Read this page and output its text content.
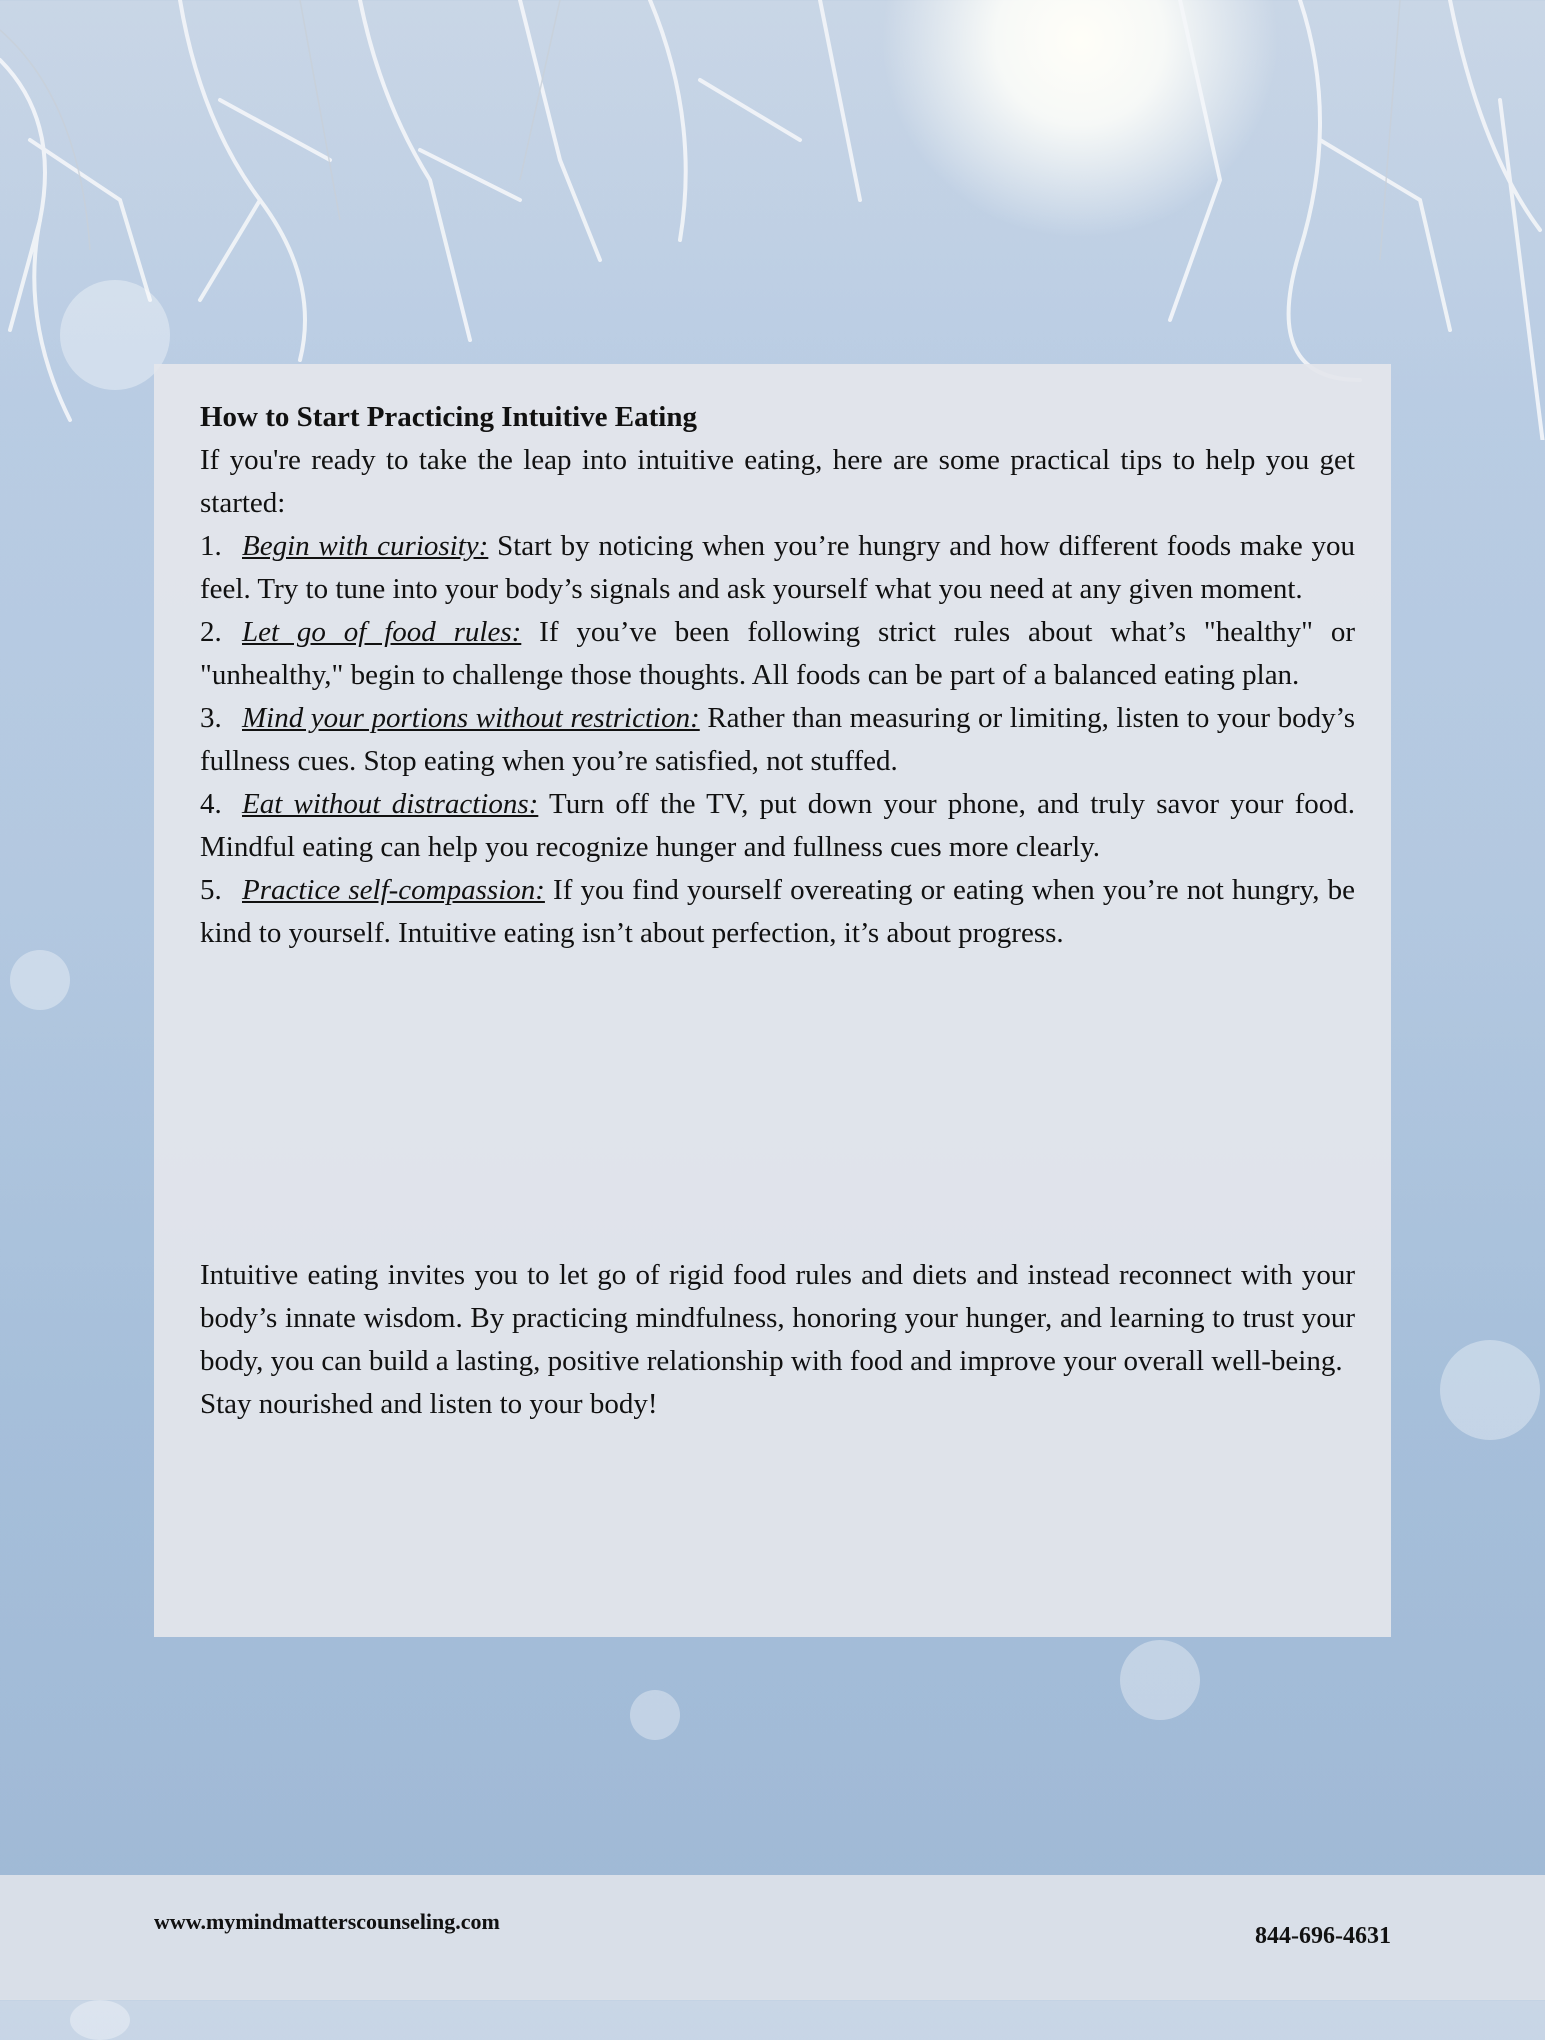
How to Start Practicing Intuitive Eating

If you're ready to take the leap into intuitive eating, here are some practical tips to help you get started:

1. Begin with curiosity: Start by noticing when you’re hungry and how different foods make you feel. Try to tune into your body’s signals and ask yourself what you need at any given moment.

2. Let go of food rules: If you’ve been following strict rules about what’s "healthy" or "unhealthy," begin to challenge those thoughts. All foods can be part of a balanced eating plan.

3. Mind your portions without restriction: Rather than measuring or limiting, listen to your body’s fullness cues. Stop eating when you’re satisfied, not stuffed.

4. Eat without distractions: Turn off the TV, put down your phone, and truly savor your food. Mindful eating can help you recognize hunger and fullness cues more clearly.

5. Practice self-compassion: If you find yourself overeating or eating when you’re not hungry, be kind to yourself. Intuitive eating isn’t about perfection, it’s about progress.

Intuitive eating invites you to let go of rigid food rules and diets and instead reconnect with your body’s innate wisdom. By practicing mindfulness, honoring your hunger, and learning to trust your body, you can build a lasting, positive relationship with food and improve your overall well-being.

Stay nourished and listen to your body!

www.mymindmatterscounseling.com
844-696-4631
